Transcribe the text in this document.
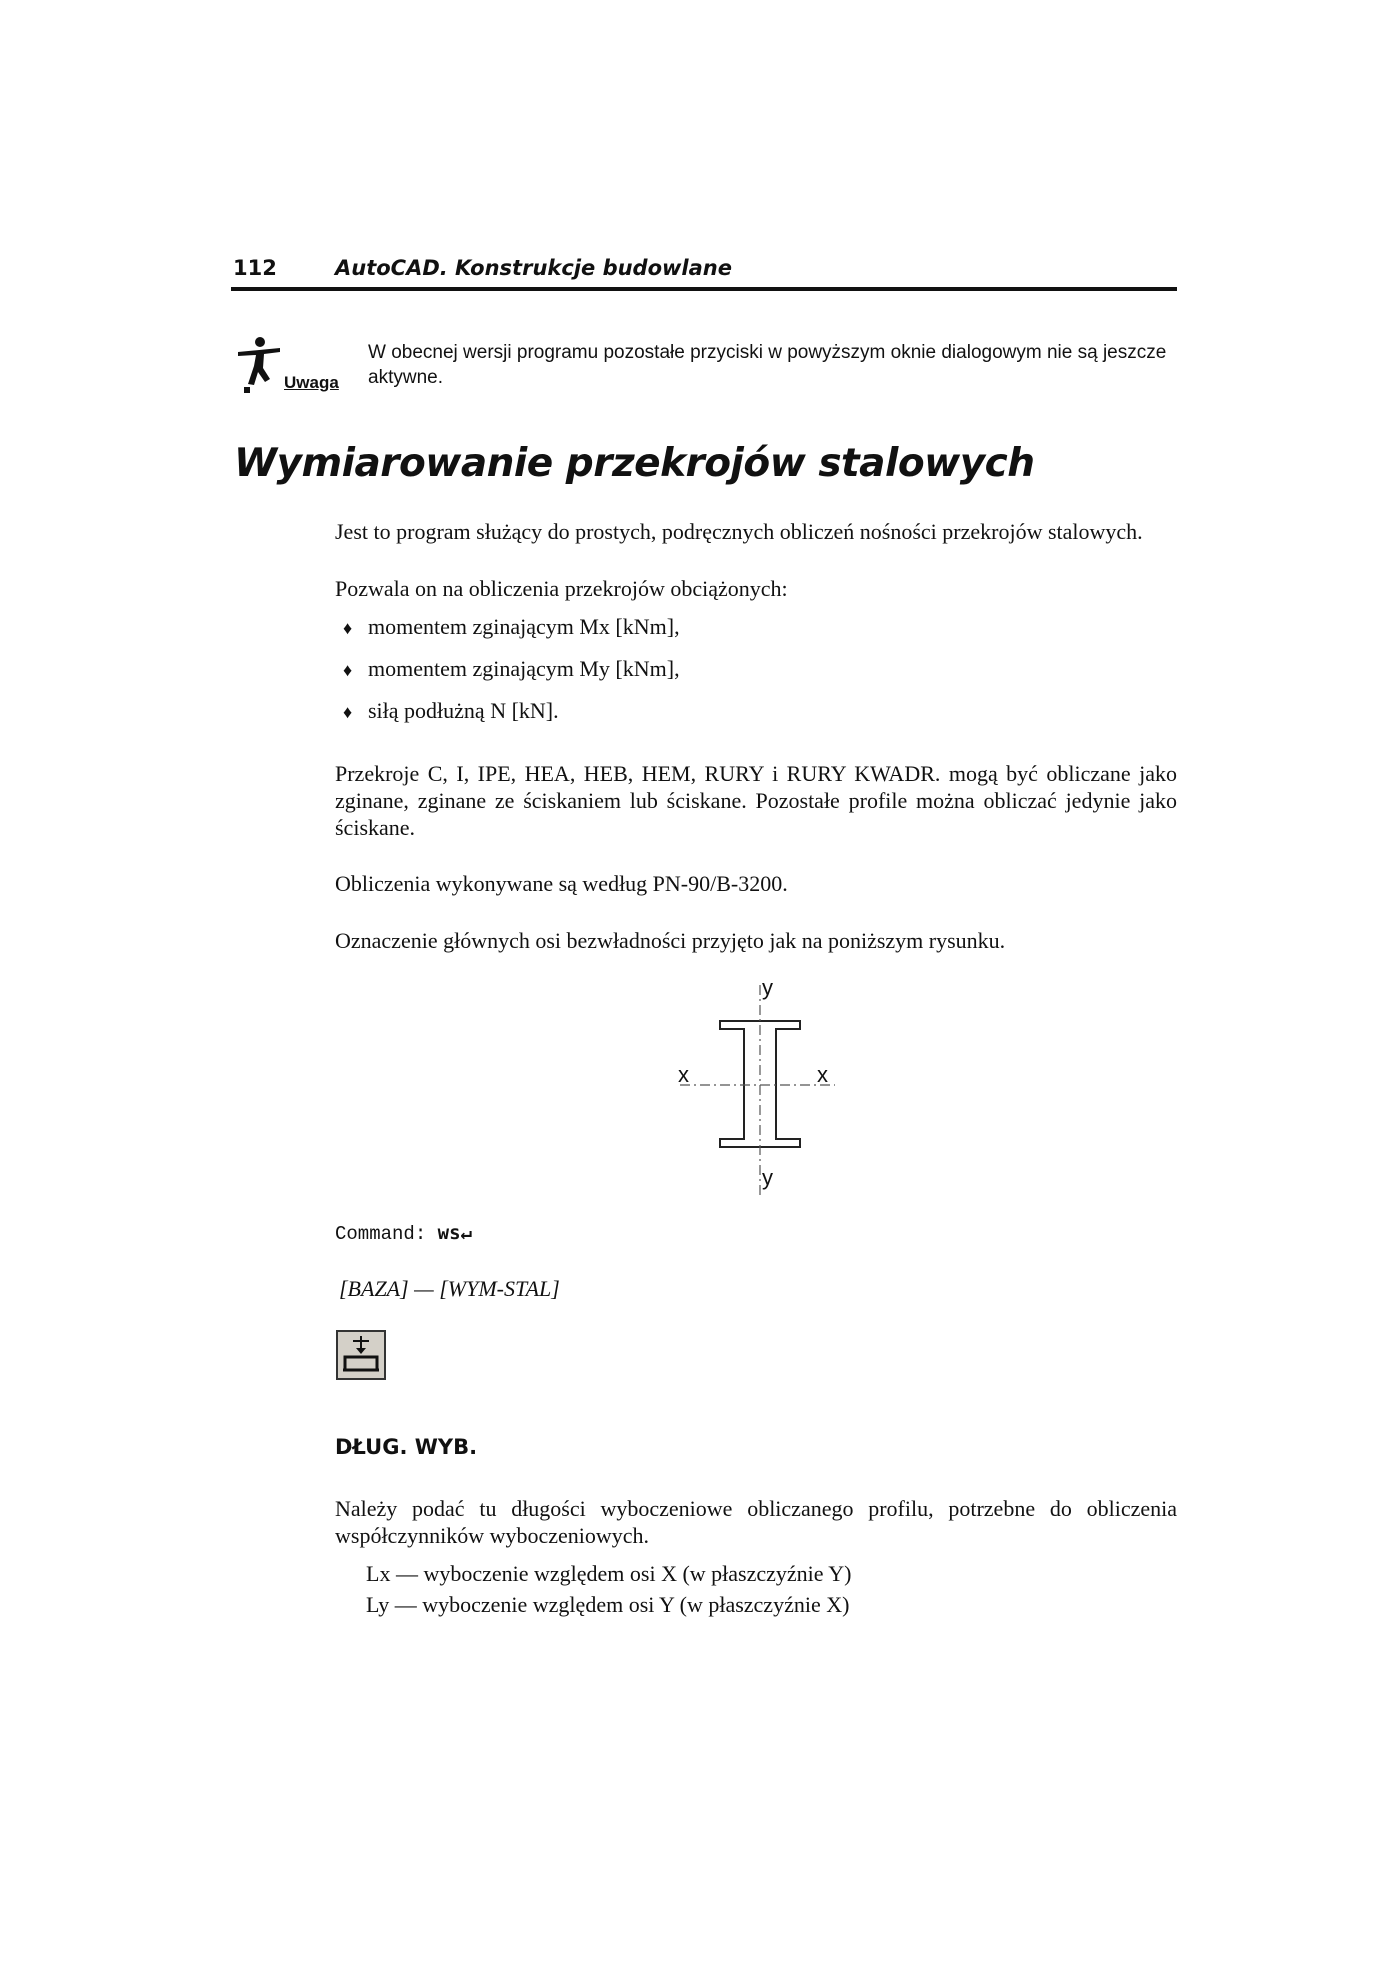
112	AutoCAD. Konstrukcje budowlane
Uwaga
W obecnej wersji programu pozostałe przyciski w powyższym oknie dialogowym nie są jeszcze aktywne.
Wymiarowanie przekrojów stalowych
Jest to program służący do prostych, podręcznych obliczeń nośności przekrojów stalowych.
Pozwala on na obliczenia przekrojów obciążonych:
♦ momentem zginającym Mx [kNm],
♦ momentem zginającym My [kNm],
♦ siłą podłużną N [kN].
Przekroje C, I, IPE, HEA, HEB, HEM, RURY i RURY KWADR. mogą być obliczane jako zginane, zginane ze ściskaniem lub ściskane. Pozostałe profile można obliczać jedynie jako ściskane.
Obliczenia wykonywane są według PN-90/B-3200.
Oznaczenie głównych osi bezwładności przyjęto jak na poniższym rysunku.
y
y
x	x
Command: ws↵
[BAZA] — [WYM-STAL]
DŁUG. WYB.
Należy podać tu długości wyboczeniowe obliczanego profilu, potrzebne do obliczenia współczynników wyboczeniowych.
Lx — wyboczenie względem osi X (w płaszczyźnie Y)
Ly — wyboczenie względem osi Y (w płaszczyźnie X)
